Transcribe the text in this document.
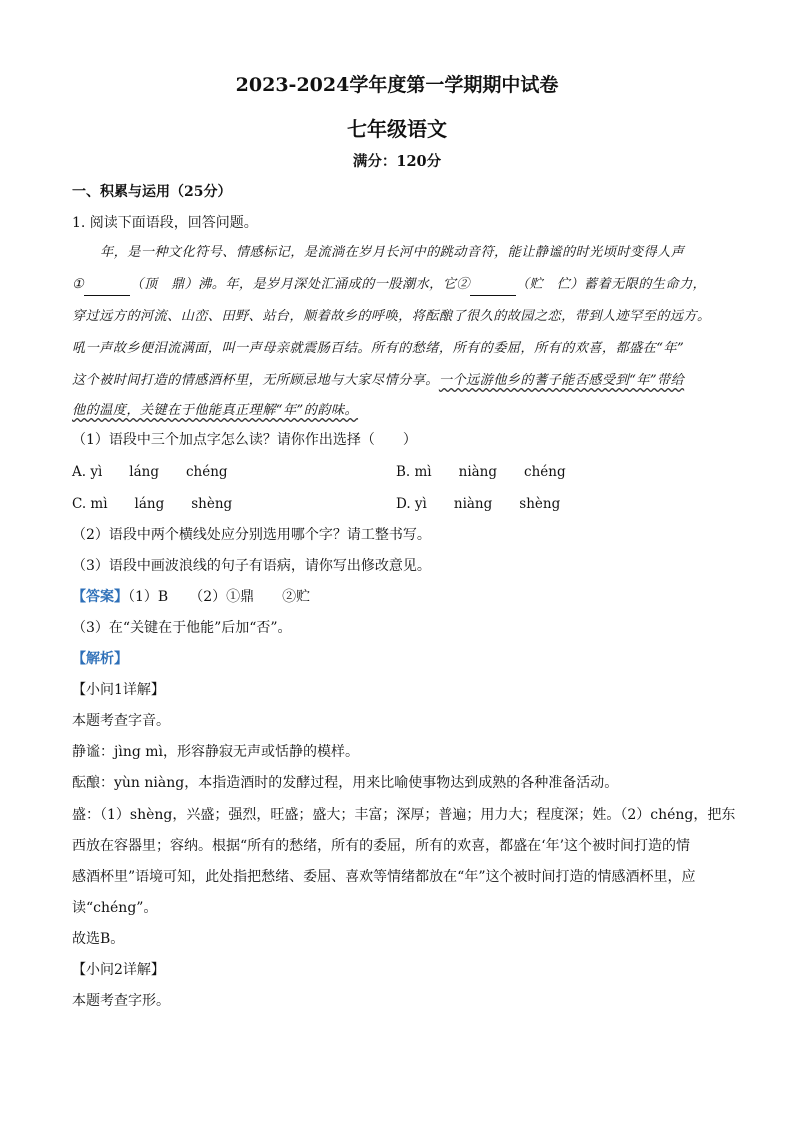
2023-2024学年度第一学期期中试卷
七年级语文
满分：120分
一、积累与运用（25分）
1. 阅读下面语段，回答问题。
年，是一种文化符号、情感标记，是流淌在岁月长河中的跳动音符，能让静谧的时光顷时变得人声
①	（顶　鼎）沸。年，是岁月深处汇涌成的一股潮水，它②	（贮　伫）蓄着无限的生命力，
穿过远方的河流、山峦、田野、站台，顺着故乡的呼唤，将酝酿了很久的故园之恋，带到人迹罕至的远方。
吼一声故乡便泪流满面，叫一声母亲就震肠百结。所有的愁绪，所有的委屈，所有的欢喜，都盛在“年”
这个被时间打造的情感酒杯里，无所顾忌地与大家尽情分享。一个远游他乡的蓍子能否感受到“年”带给
他的温度，关键在于他能真正理解“年”的韵味。
（1）语段中三个加点字怎么读？请你作出选择（　　）
A. yì　　láng　　chéng	B. mì　　niàng　　chéng
C. mì　　láng　　shèng	D. yì　　niàng　　shèng
（2）语段中两个横线处应分别选用哪个字？请工整书写。
（3）语段中画波浪线的句子有语病，请你写出修改意见。
【答案】（1）B　　（2）①鼎　　②贮
（3）在“关键在于他能”后加“否”。
【解析】
【小问1详解】
本题考查字音。
静谧：jìng mì，形容静寂无声或恬静的模样。
酝酿：yùn niàng，本指造酒时的发酵过程，用来比喻使事物达到成熟的各种准备活动。
盛：（1）shèng，兴盛；强烈，旺盛；盛大；丰富；深厚；普遍；用力大；程度深；姓。（2）chéng，把东
西放在容器里；容纳。根据“所有的愁绪，所有的委屈，所有的欢喜，都盛在‘年’这个被时间打造的情
感酒杯里”语境可知，此处指把愁绪、委屈、喜欢等情绪都放在“年”这个被时间打造的情感酒杯里，应
读“chéng”。
故选B。
【小问2详解】
本题考查字形。
